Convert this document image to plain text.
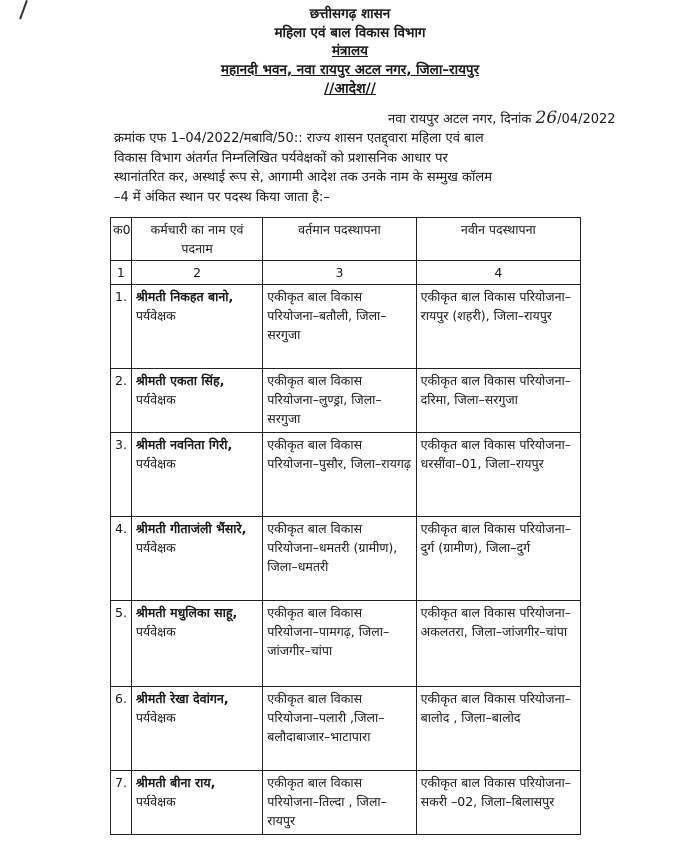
छत्तीसगढ़ शासन
महिला एवं बाल विकास विभाग
मंत्रालय
महानदी भवन, नवा रायपुर अटल नगर, जिला–रायपुर
//आदेश//
नवा रायपुर अटल नगर, दिनांक 26/04/2022
क्रमांक एफ 1–04/2022/मबावि/50:: राज्य शासन एतद्द्वारा महिला एवं बाल
विकास विभाग अंतर्गत निम्नलिखित पर्यवेक्षकों को प्रशासनिक आधार पर
स्थानांतरित कर, अस्थाई रूप से, आगामी आदेश तक उनके नाम के सम्मुख कॉलम
–4 में अंकित स्थान पर पदस्थ किया जाता है:–
क0	कर्मचारी का नाम एवं पदनाम	वर्तमान पदस्थापना	नवीन पदस्थापना
1	2	3	4
1.	श्रीमती निकहत बानो, पर्यवेक्षक	एकीकृत बाल विकास परियोजना–बतौली, जिला–सरगुजा	एकीकृत बाल विकास परियोजना–रायपुर (शहरी), जिला–रायपुर
2.	श्रीमती एकता सिंह, पर्यवेक्षक	एकीकृत बाल विकास परियोजना–लुण्ड्रा, जिला–सरगुजा	एकीकृत बाल विकास परियोजना–दरिमा, जिला–सरगुजा
3.	श्रीमती नवनिता गिरी, पर्यवेक्षक	एकीकृत बाल विकास परियोजना–पुसौर, जिला–रायगढ़	एकीकृत बाल विकास परियोजना–धरसींवा–01, जिला–रायपुर
4.	श्रीमती गीताजंली भैंसारे, पर्यवेक्षक	एकीकृत बाल विकास परियोजना–धमतरी (ग्रामीण), जिला–धमतरी	एकीकृत बाल विकास परियोजना–दुर्ग (ग्रामीण), जिला–दुर्ग
5.	श्रीमती मधुलिका साहू, पर्यवेक्षक	एकीकृत बाल विकास परियोजना–पामगढ़, जिला–जांजगीर–चांपा	एकीकृत बाल विकास परियोजना–अकलतरा, जिला–जांजगीर–चांपा
6.	श्रीमती रेखा देवांगन, पर्यवेक्षक	एकीकृत बाल विकास परियोजना–पलारी ,जिला–बलौदाबाजार–भाटापारा	एकीकृत बाल विकास परियोजना–बालोद , जिला–बालोद
7.	श्रीमती बीना राय, पर्यवेक्षक	एकीकृत बाल विकास परियोजना–तिल्दा , जिला–रायपुर	एकीकृत बाल विकास परियोजना–सकरी –02, जिला–बिलासपुर
